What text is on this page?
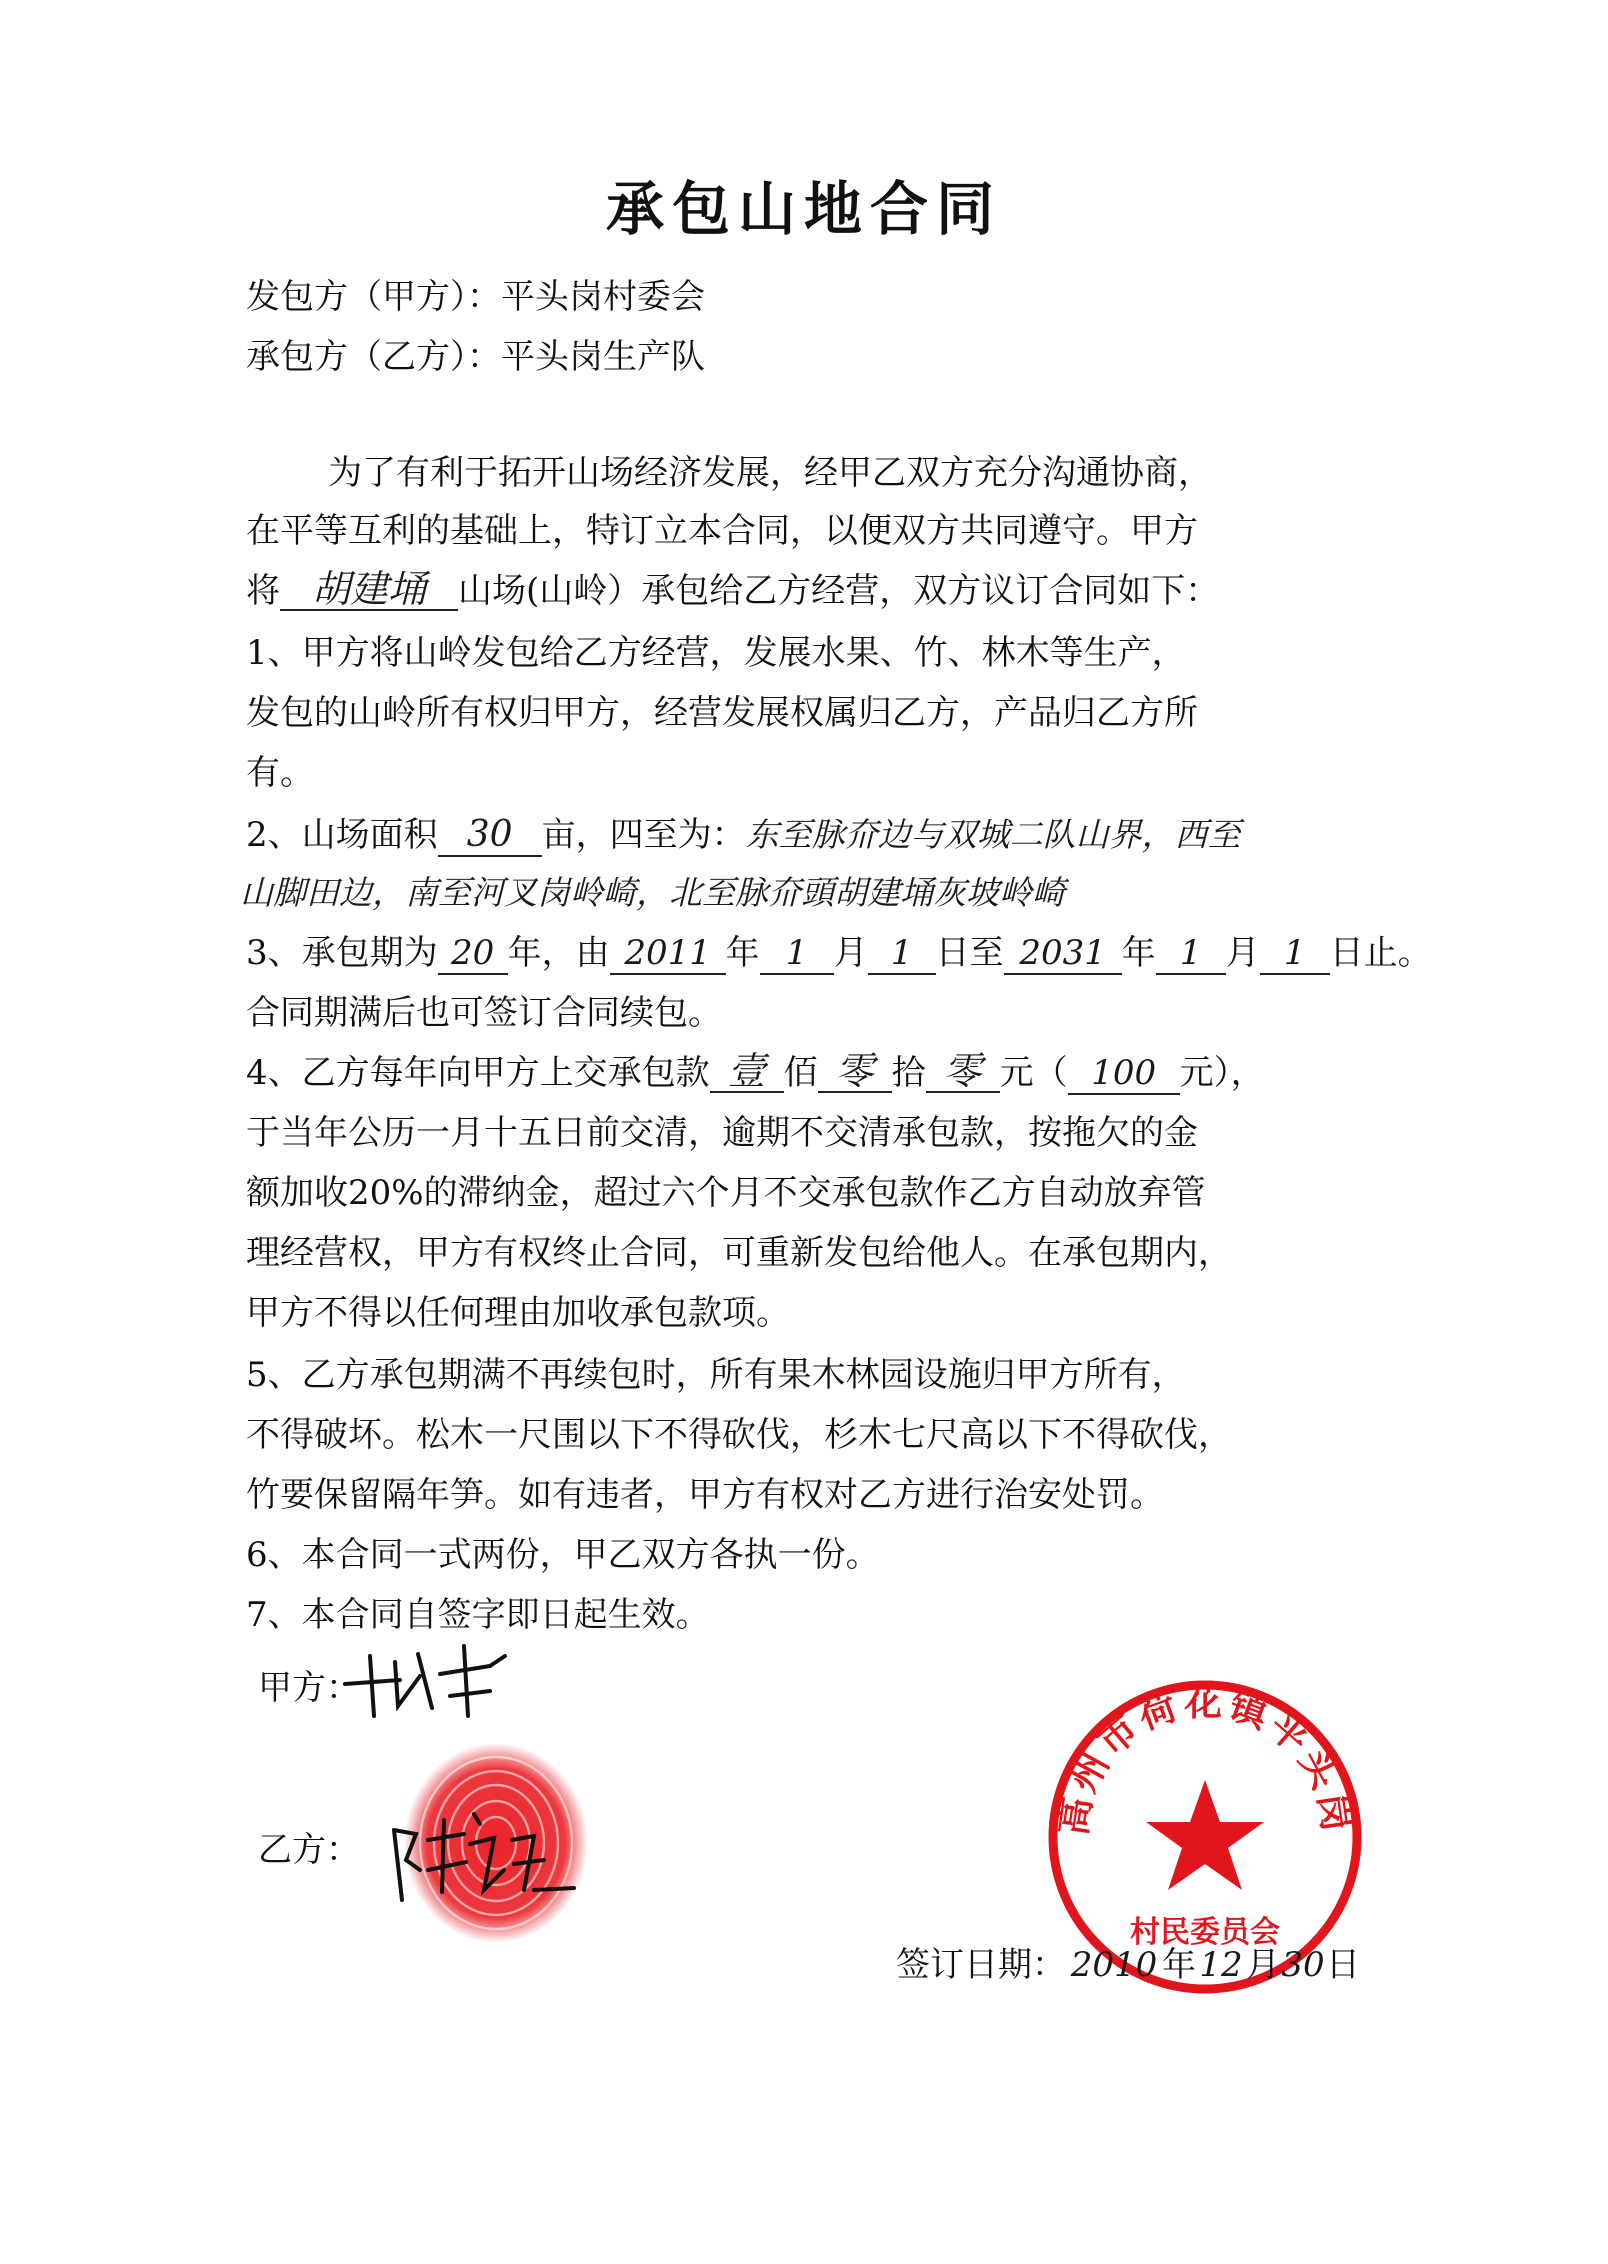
承包山地合同
发包方（甲方）：平头岗村委会
承包方（乙方）：平头岗生产队
为了有利于拓开山场经济发展，经甲乙双方充分沟通协商，
在平等互利的基础上，特订立本合同，以便双方共同遵守。甲方
将 胡建埇 山场(山岭）承包给乙方经营，双方议订合同如下：
1、甲方将山岭发包给乙方经营，发展水果、竹、林木等生产，
发包的山岭所有权归甲方，经营发展权属归乙方，产品归乙方所
有。
2、山场面积 30 亩，四至为：东至脉夼边与双城二队山界，西至
山脚田边，南至河叉岗岭崎，北至脉夼頭胡建埇灰坡岭崎
3、承包期为 20 年，由 2011 年 1 月 1 日至 2031 年 1 月 1 日止。
合同期满后也可签订合同续包。
4、乙方每年向甲方上交承包款 壹 佰 零 拾 零 元（ 100 元），
于当年公历一月十五日前交清，逾期不交清承包款，按拖欠的金
额加收20%的滞纳金，超过六个月不交承包款作乙方自动放弃管
理经营权，甲方有权终止合同，可重新发包给他人。在承包期内，
甲方不得以任何理由加收承包款项。
5、乙方承包期满不再续包时，所有果木林园设施归甲方所有，
不得破坏。松木一尺围以下不得砍伐，杉木七尺高以下不得砍伐，
竹要保留隔年笋。如有违者，甲方有权对乙方进行治安处罚。
6、本合同一式两份，甲乙双方各执一份。
7、本合同自签字即日起生效。
甲方：
乙方：
高州市荷花镇平头岗
村民委员会
签订日期： 2010 年12月30日
